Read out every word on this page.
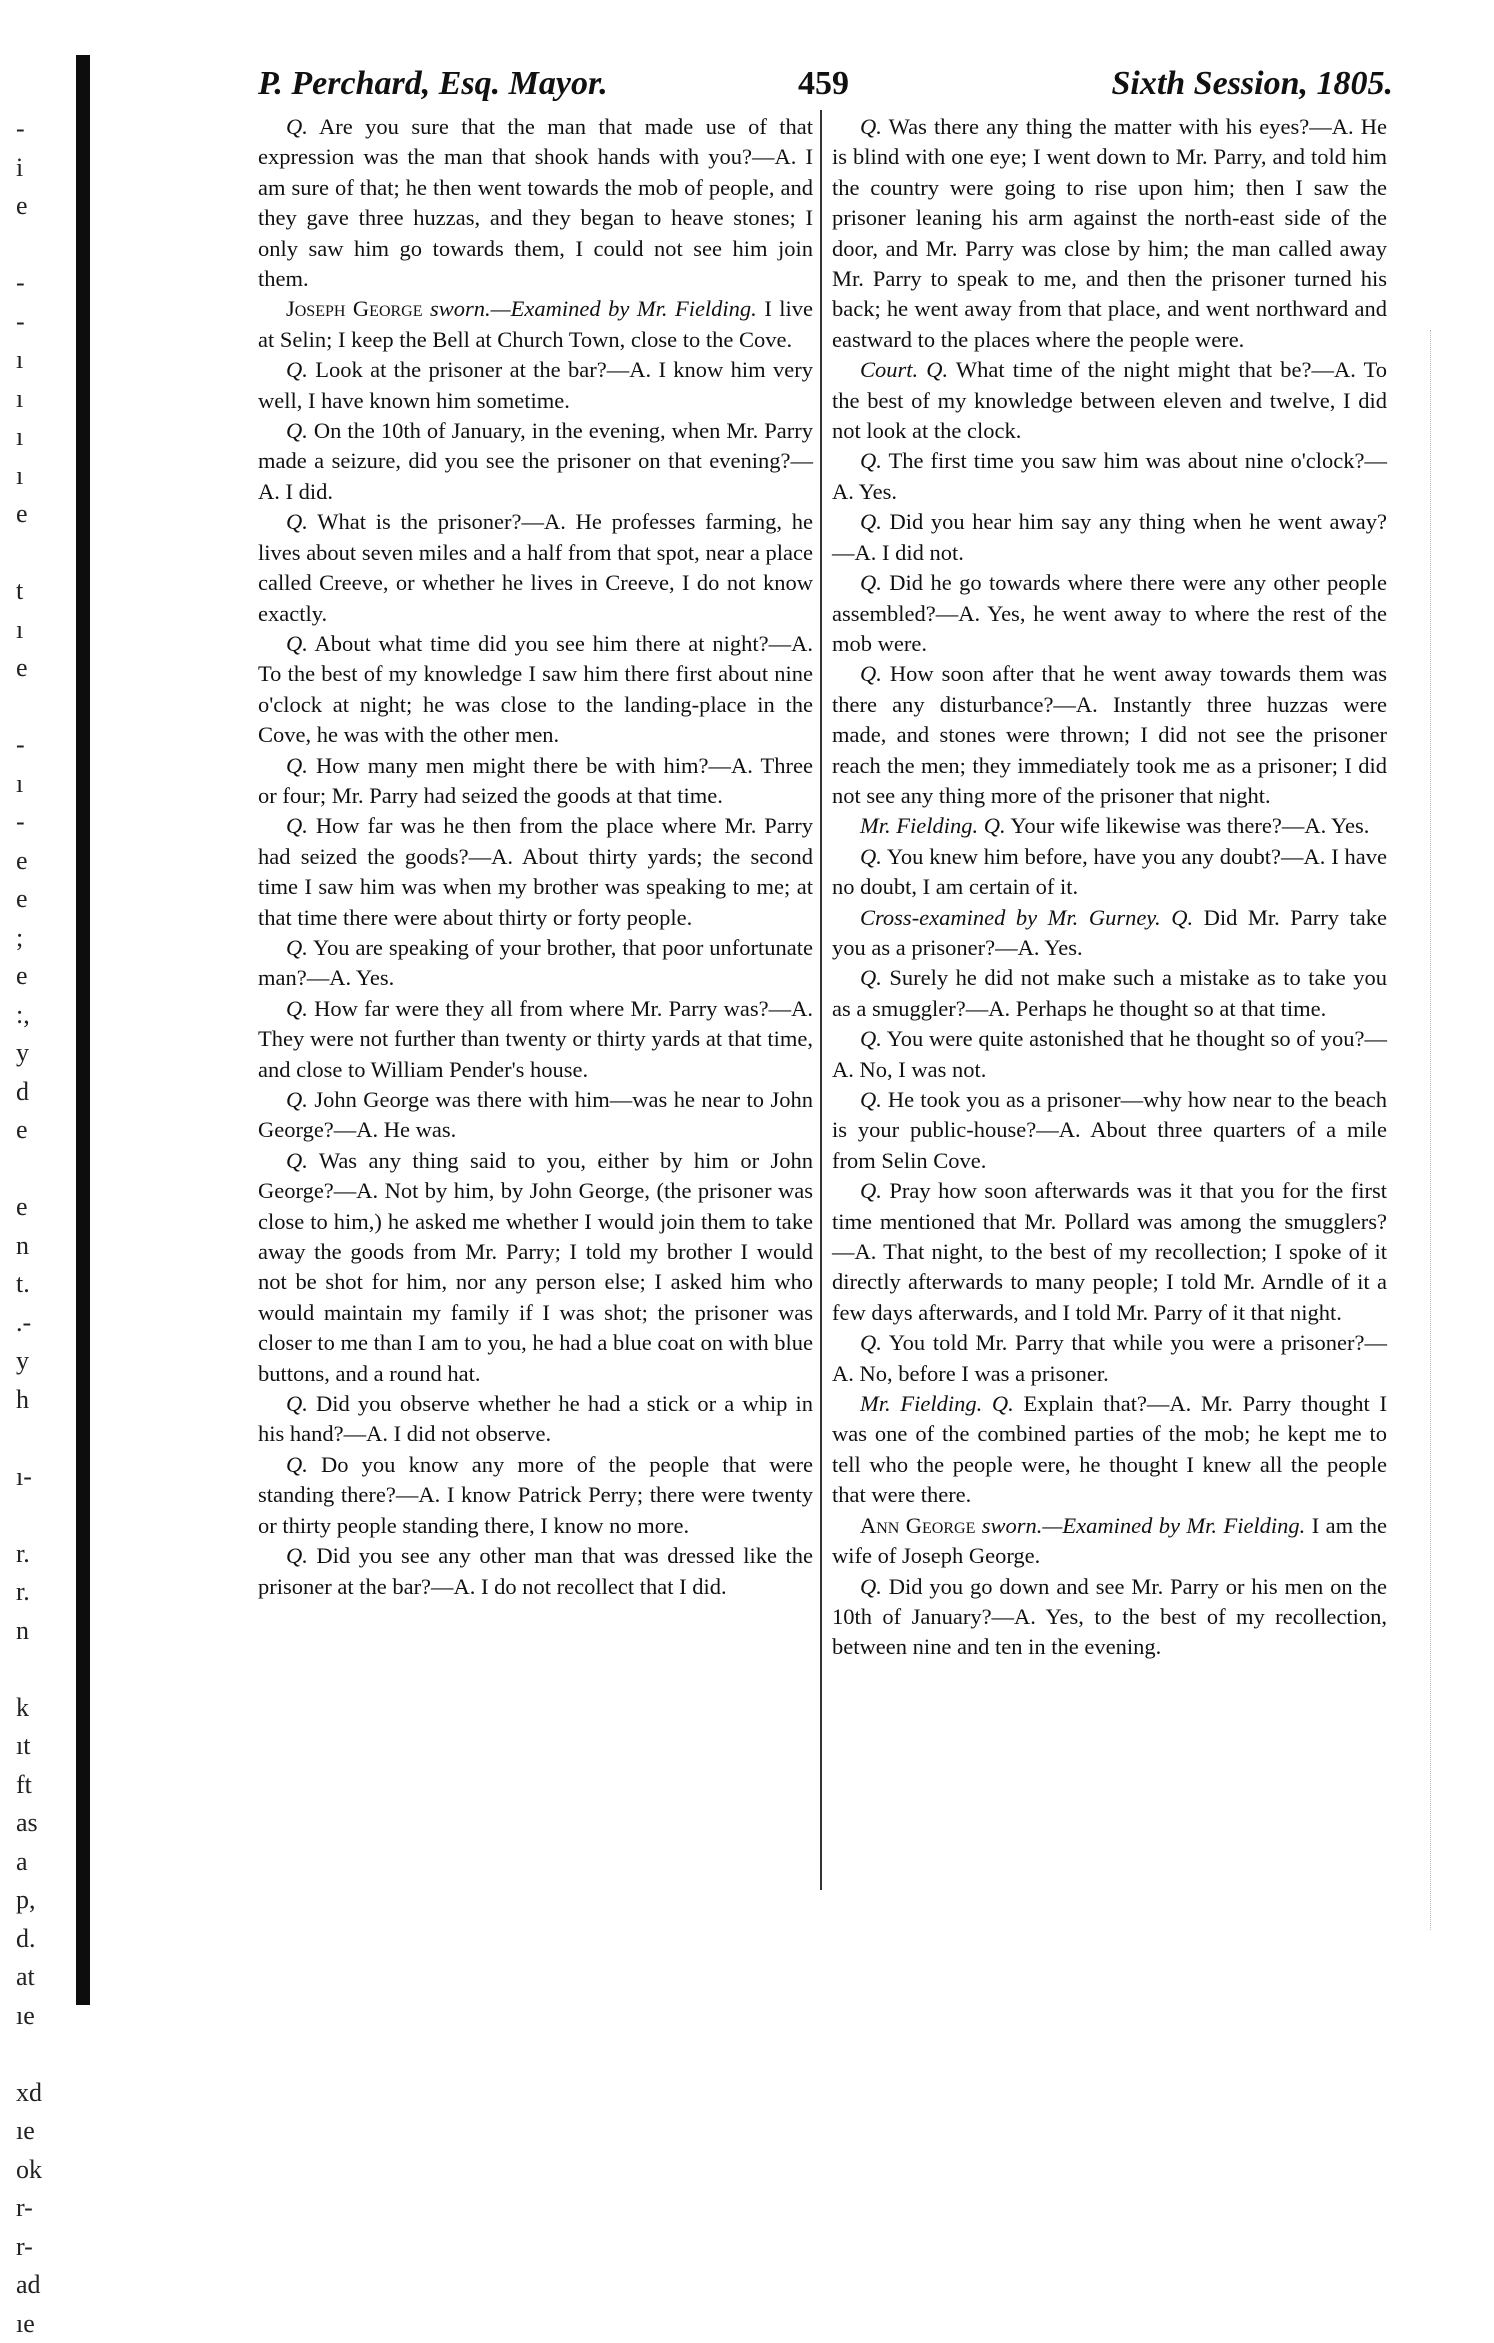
-
i
e
-
-
ı
ı
ı
ı
e
t
ı
e
-
ı
-
e
e
;
e
:,
y
d
e
e
n
t.
.-
y
h
ı-
r.
r.
n
k
ıt
ft
as
a
p,
d.
at
ıe
xd
ıe
ok
r-
r-
ad
ıe
P. Perchard, Esq. Mayor.	459	Sixth Session, 1805.

Q. Are you sure that the man that made use of that expression was the man that shook hands with you?—A. I am sure of that; he then went towards the mob of people, and they gave three huzzas, and they began to heave stones; I only saw him go towards them, I could not see him join them.

Joseph George sworn.—Examined by Mr. Fielding. I live at Selin; I keep the Bell at Church Town, close to the Cove.

Q. Look at the prisoner at the bar?—A. I know him very well, I have known him sometime.

Q. On the 10th of January, in the evening, when Mr. Parry made a seizure, did you see the prisoner on that evening?—A. I did.

Q. What is the prisoner?—A. He professes farming, he lives about seven miles and a half from that spot, near a place called Creeve, or whether he lives in Creeve, I do not know exactly.

Q. About what time did you see him there at night?—A. To the best of my knowledge I saw him there first about nine o'clock at night; he was close to the landing-place in the Cove, he was with the other men.

Q. How many men might there be with him?—A. Three or four; Mr. Parry had seized the goods at that time.

Q. How far was he then from the place where Mr. Parry had seized the goods?—A. About thirty yards; the second time I saw him was when my brother was speaking to me; at that time there were about thirty or forty people.

Q. You are speaking of your brother, that poor unfortunate man?—A. Yes.

Q. How far were they all from where Mr. Parry was?—A. They were not further than twenty or thirty yards at that time, and close to William Pender's house.

Q. John George was there with him—was he near to John George?—A. He was.

Q. Was any thing said to you, either by him or John George?—A. Not by him, by John George, (the prisoner was close to him,) he asked me whether I would join them to take away the goods from Mr. Parry; I told my brother I would not be shot for him, nor any person else; I asked him who would maintain my family if I was shot; the prisoner was closer to me than I am to you, he had a blue coat on with blue buttons, and a round hat.

Q. Did you observe whether he had a stick or a whip in his hand?—A. I did not observe.

Q. Do you know any more of the people that were standing there?—A. I know Patrick Perry; there were twenty or thirty people standing there, I know no more.

Q. Did you see any other man that was dressed like the prisoner at the bar?—A. I do not recollect that I did.

Q. Was there any thing the matter with his eyes?—A. He is blind with one eye; I went down to Mr. Parry, and told him the country were going to rise upon him; then I saw the prisoner leaning his arm against the north-east side of the door, and Mr. Parry was close by him; the man called away Mr. Parry to speak to me, and then the prisoner turned his back; he went away from that place, and went northward and eastward to the places where the people were.

Court. Q. What time of the night might that be?—A. To the best of my knowledge between eleven and twelve, I did not look at the clock.

Q. The first time you saw him was about nine o'clock?—A. Yes.

Q. Did you hear him say any thing when he went away?—A. I did not.

Q. Did he go towards where there were any other people assembled?—A. Yes, he went away to where the rest of the mob were.

Q. How soon after that he went away towards them was there any disturbance?—A. Instantly three huzzas were made, and stones were thrown; I did not see the prisoner reach the men; they immediately took me as a prisoner; I did not see any thing more of the prisoner that night.

Mr. Fielding. Q. Your wife likewise was there?—A. Yes.

Q. You knew him before, have you any doubt?—A. I have no doubt, I am certain of it.

Cross-examined by Mr. Gurney. Q. Did Mr. Parry take you as a prisoner?—A. Yes.

Q. Surely he did not make such a mistake as to take you as a smuggler?—A. Perhaps he thought so at that time.

Q. You were quite astonished that he thought so of you?—A. No, I was not.

Q. He took you as a prisoner—why how near to the beach is your public-house?—A. About three quarters of a mile from Selin Cove.

Q. Pray how soon afterwards was it that you for the first time mentioned that Mr. Pollard was among the smugglers?—A. That night, to the best of my recollection; I spoke of it directly afterwards to many people; I told Mr. Arndle of it a few days afterwards, and I told Mr. Parry of it that night.

Q. You told Mr. Parry that while you were a prisoner?—A. No, before I was a prisoner.

Mr. Fielding. Q. Explain that?—A. Mr. Parry thought I was one of the combined parties of the mob; he kept me to tell who the people were, he thought I knew all the people that were there.

Ann George sworn.—Examined by Mr. Fielding. I am the wife of Joseph George.

Q. Did you go down and see Mr. Parry or his men on the 10th of January?—A. Yes, to the best of my recollection, between nine and ten in the evening.
